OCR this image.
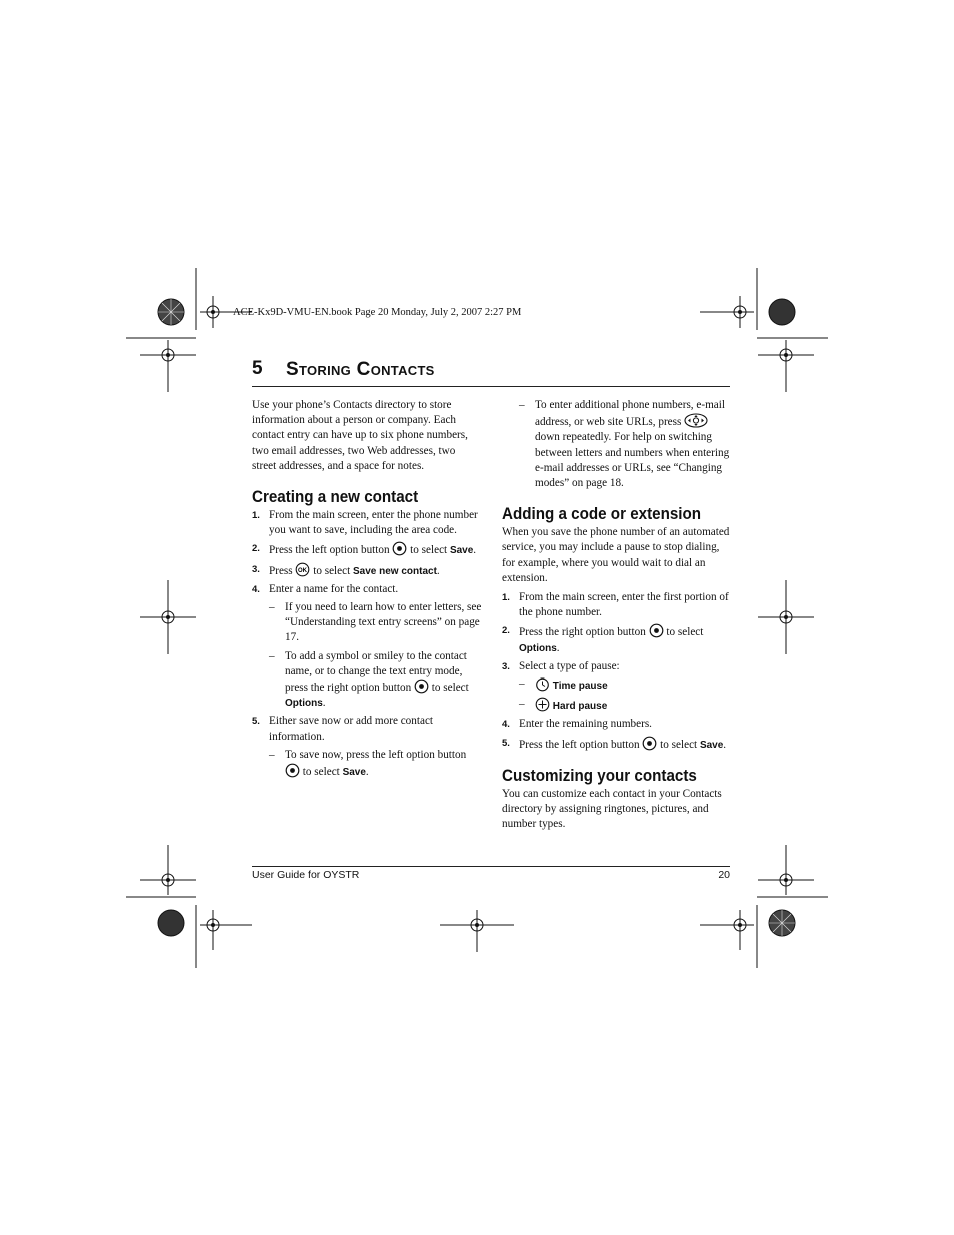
ACE-Kx9D-VMU-EN.book Page 20 Monday, July 2, 2007 2:27 PM
5 Storing Contacts

Use your phone’s Contacts directory to store information about a person or company. Each contact entry can have up to six phone numbers, two email addresses, two Web addresses, two street addresses, and a space for notes.

Creating a new contact
1. From the main screen, enter the phone number you want to save, including the area code.
2. Press the left option button to select Save.
3. Press OK to select Save new contact.
4. Enter a name for the contact.
– If you need to learn how to enter letters, see “Understanding text entry screens” on page 17.
– To add a symbol or smiley to the contact name, or to change the text entry mode, press the right option button to select Options.
5. Either save now or add more contact information.
– To save now, press the left option button  to select Save.
– To enter additional phone numbers, e-mail address, or web site URLs, press  down repeatedly. For help on switching between letters and numbers when entering e-mail addresses or URLs, see “Changing modes” on page 18.
Adding a code or extension

When you save the phone number of an automated service, you may include a pause to stop dialing, for example, where you would wait to dial an extension.

1. From the main screen, enter the first portion of the phone number.
2. Press the right option button to select Options.
3. Select a type of pause:
–	Time pause
–	Hard pause
4. Enter the remaining numbers.
5. Press the left option button to select Save.
Customizing your contacts

You can customize each contact in your Contacts directory by assigning ringtones, pictures, and number types.

User Guide for OYSTR	20
